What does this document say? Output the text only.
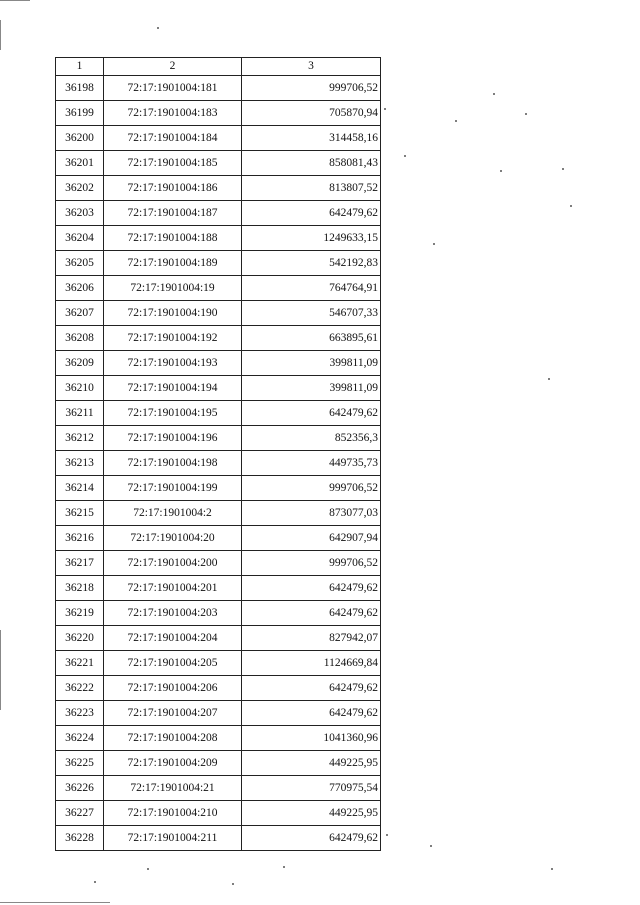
1	2	3
36198	72:17:1901004:181	999706,52
36199	72:17:1901004:183	705870,94
36200	72:17:1901004:184	314458,16
36201	72:17:1901004:185	858081,43
36202	72:17:1901004:186	813807,52
36203	72:17:1901004:187	642479,62
36204	72:17:1901004:188	1249633,15
36205	72:17:1901004:189	542192,83
36206	72:17:1901004:19	764764,91
36207	72:17:1901004:190	546707,33
36208	72:17:1901004:192	663895,61
36209	72:17:1901004:193	399811,09
36210	72:17:1901004:194	399811,09
36211	72:17:1901004:195	642479,62
36212	72:17:1901004:196	852356,3
36213	72:17:1901004:198	449735,73
36214	72:17:1901004:199	999706,52
36215	72:17:1901004:2	873077,03
36216	72:17:1901004:20	642907,94
36217	72:17:1901004:200	999706,52
36218	72:17:1901004:201	642479,62
36219	72:17:1901004:203	642479,62
36220	72:17:1901004:204	827942,07
36221	72:17:1901004:205	1124669,84
36222	72:17:1901004:206	642479,62
36223	72:17:1901004:207	642479,62
36224	72:17:1901004:208	1041360,96
36225	72:17:1901004:209	449225,95
36226	72:17:1901004:21	770975,54
36227	72:17:1901004:210	449225,95
36228	72:17:1901004:211	642479,62
